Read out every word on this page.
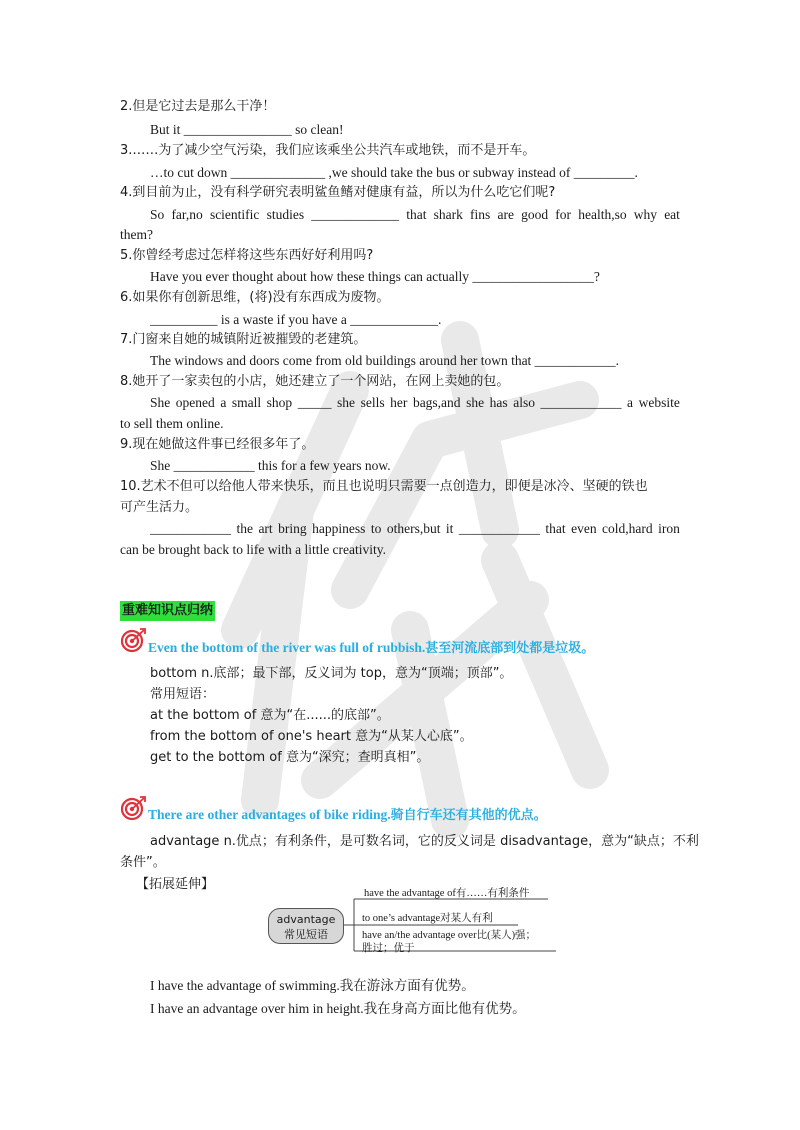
2.但是它过去是那么干净！
But it ________________ so clean!
3.……为了减少空气污染，我们应该乘坐公共汽车或地铁，而不是开车。
…to cut down ______________ ,we should take the bus or subway instead of _________.
4.到目前为止，没有科学研究表明鲨鱼鳍对健康有益，所以为什么吃它们呢?
So far,no scientific studies _____________ that shark fins are good for health,so why eat
them?
5.你曾经考虑过怎样将这些东西好好利用吗?
Have you ever thought about how these things can actually __________________?
6.如果你有创新思维，(将)没有东西成为废物。
__________ is a waste if you have a _____________.
7.门窗来自她的城镇附近被摧毁的老建筑。
The windows and doors come from old buildings around her town that ____________.
8.她开了一家卖包的小店，她还建立了一个网站，在网上卖她的包。
She opened a small shop _____ she sells her bags,and she has also ____________ a website
to sell them online.
9.现在她做这件事已经很多年了。
She ____________ this for a few years now.
10.艺术不但可以给他人带来快乐，而且也说明只需要一点创造力，即便是冰冷、坚硬的铁也
可产生活力。
____________ the art bring happiness to others,but it ____________ that even cold,hard iron
can be brought back to life with a little creativity.
重难知识点归纳
Even the bottom of the river was full of rubbish.甚至河流底部到处都是垃圾。
bottom n.底部；最下部，反义词为 top，意为“顶端；顶部”。
常用短语：
at the bottom of 意为“在......的底部”。
from the bottom of one's heart 意为“从某人心底”。
get to the bottom of 意为“深究；查明真相”。
There are other advantages of bike riding.骑自行车还有其他的优点。
advantage n.优点；有利条件，是可数名词，它的反义词是 disadvantage，意为“缺点；不利
条件”。
【拓展延伸】
advantage
常见短语
have the advantage of有……有利条件
to one’s advantage对某人有利
have an/the advantage over比(某人)强；
胜过；优于
I have the advantage of swimming.我在游泳方面有优势。
I have an advantage over him in height.我在身高方面比他有优势。
